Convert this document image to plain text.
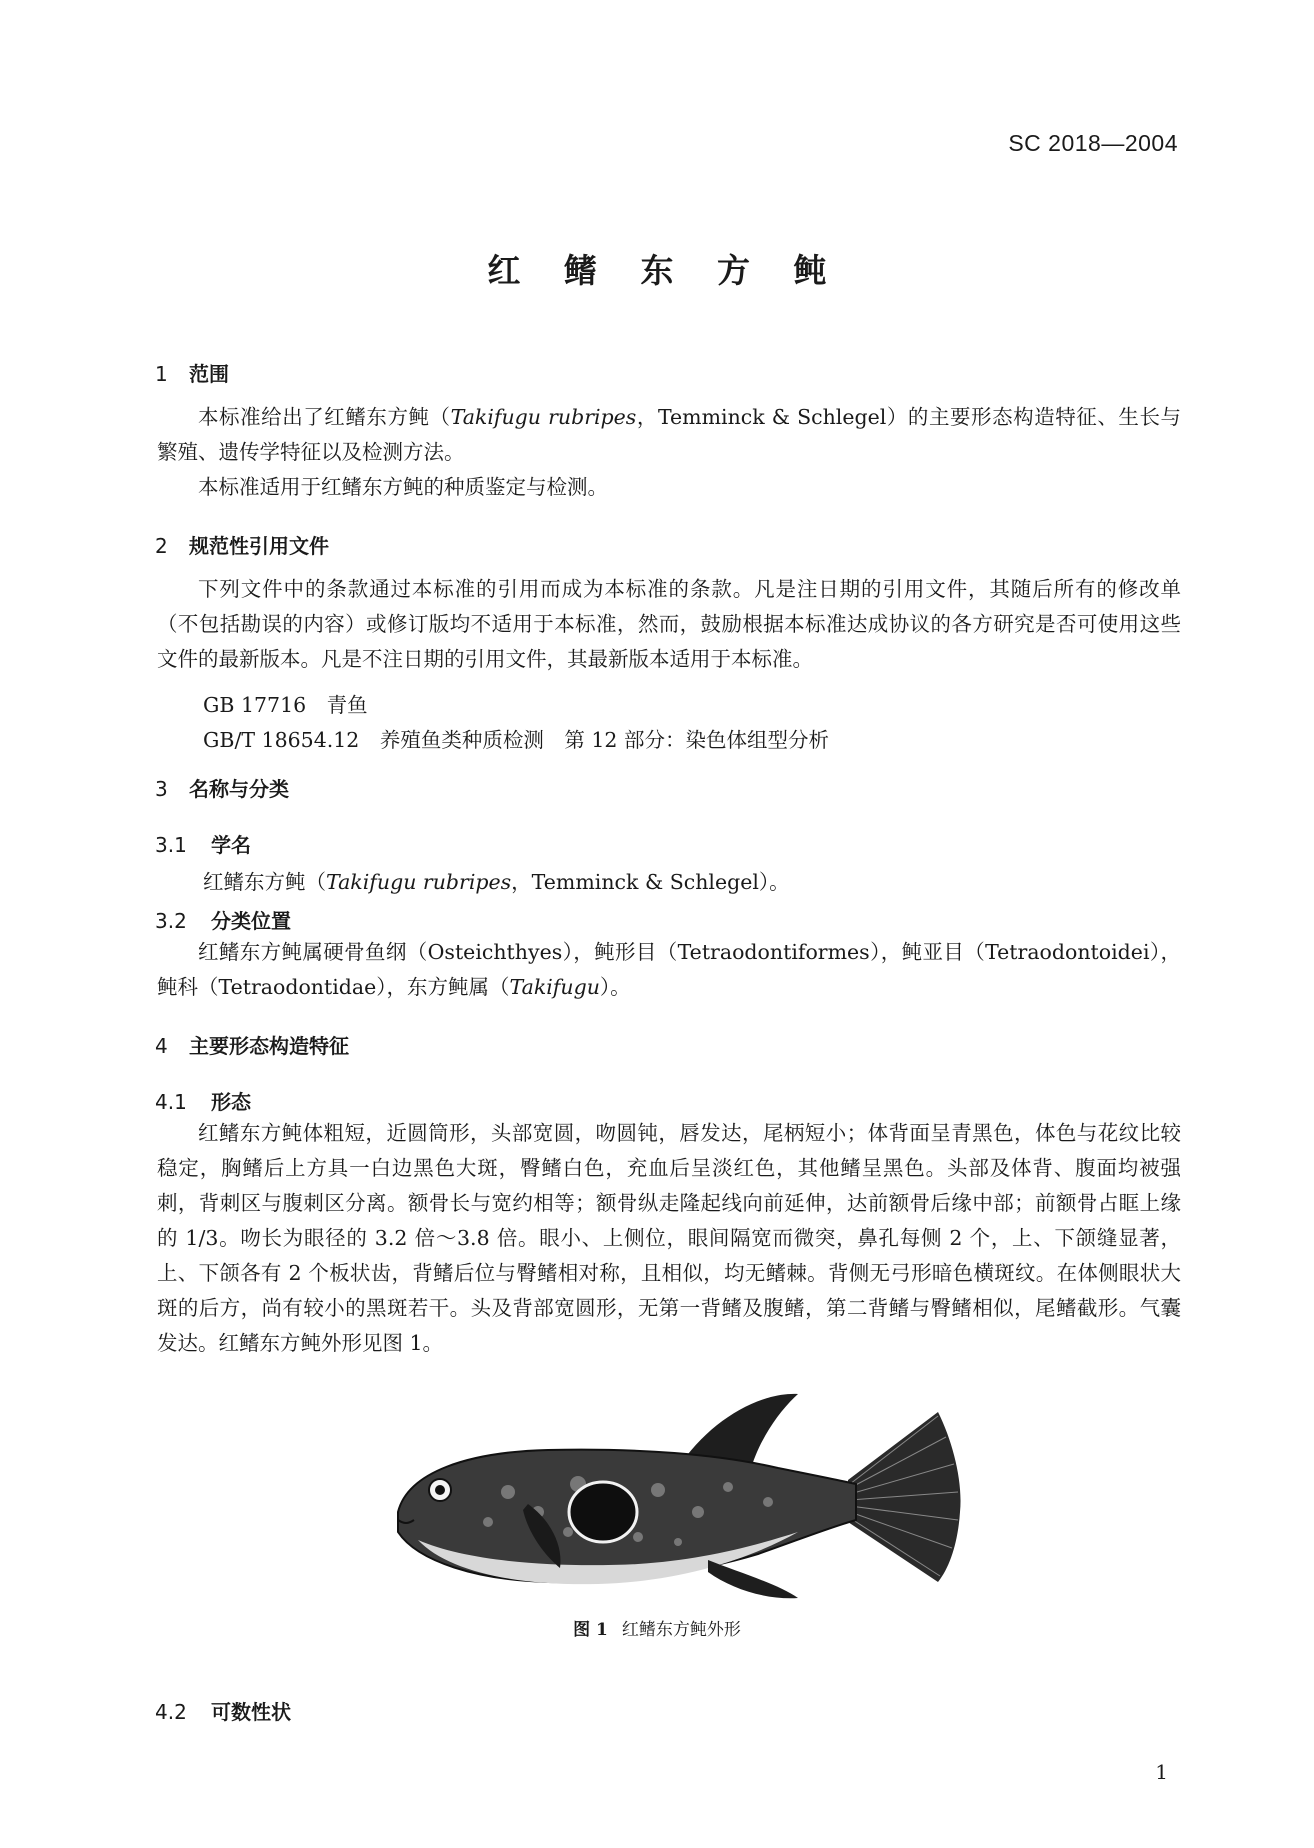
SC 2018—2004
红 鳍 东 方 鲀
1 范围

本标准给出了红鳍东方鲀（Takifugu rubripes，Temminck & Schlegel）的主要形态构造特征、生长与繁殖、遗传学特征以及检测方法。

本标准适用于红鳍东方鲀的种质鉴定与检测。

2 规范性引用文件

下列文件中的条款通过本标准的引用而成为本标准的条款。凡是注日期的引用文件，其随后所有的修改单（不包括勘误的内容）或修订版均不适用于本标准，然而，鼓励根据本标准达成协议的各方研究是否可使用这些文件的最新版本。凡是不注日期的引用文件，其最新版本适用于本标准。

GB 17716　青鱼
GB/T 18654.12　养殖鱼类种质检测　第 12 部分：染色体组型分析
3 名称与分类
3.1 学名
红鳍东方鲀（Takifugu rubripes，Temminck & Schlegel）。
3.2 分类位置

红鳍东方鲀属硬骨鱼纲（Osteichthyes），鲀形目（Tetraodontiformes），鲀亚目（Tetraodontoidei），鲀科（Tetraodontidae），东方鲀属（Takifugu）。

4 主要形态构造特征
4.1 形态

红鳍东方鲀体粗短，近圆筒形，头部宽圆，吻圆钝，唇发达，尾柄短小；体背面呈青黑色，体色与花纹比较稳定，胸鳍后上方具一白边黑色大斑，臀鳍白色，充血后呈淡红色，其他鳍呈黑色。头部及体背、腹面均被强刺，背刺区与腹刺区分离。额骨长与宽约相等；额骨纵走隆起线向前延伸，达前额骨后缘中部；前额骨占眶上缘的 1/3。吻长为眼径的 3.2 倍～3.8 倍。眼小、上侧位，眼间隔宽而微突，鼻孔每侧 2 个，上、下颌缝显著，上、下颌各有 2 个板状齿，背鳍后位与臀鳍相对称，且相似，均无鳍棘。背侧无弓形暗色横斑纹。在体侧眼状大斑的后方，尚有较小的黑斑若干。头及背部宽圆形，无第一背鳍及腹鳍，第二背鳍与臀鳍相似，尾鳍截形。气囊发达。红鳍东方鲀外形见图 1。

图 1 红鳍东方鲀外形
4.2 可数性状
1
